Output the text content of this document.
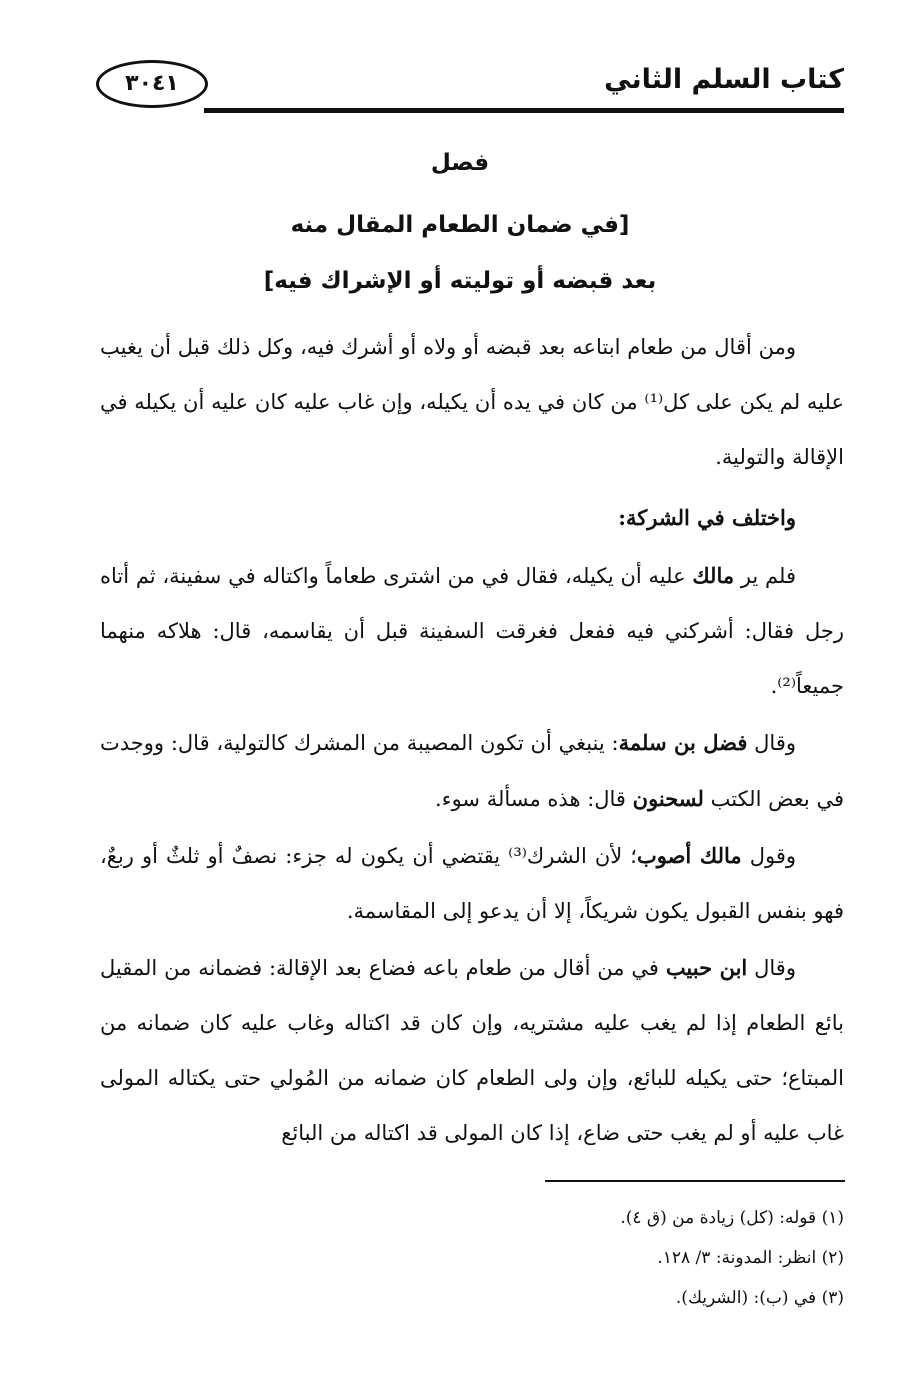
كتاب السلم الثاني
٣٠٤١
فصل
[في ضمان الطعام المقال منه
بعد قبضه أو توليته أو الإشراك فيه]

ومن أقال من طعام ابتاعه بعد قبضه أو ولاه أو أشرك فيه، وكل ذلك قبل أن يغيب عليه لم يكن على كل⁽¹⁾ من كان في يده أن يكيله، وإن غاب عليه كان عليه أن يكيله في الإقالة والتولية.

واختلف في الشركة:

فلم ير مالك عليه أن يكيله، فقال في من اشترى طعاماً واكتاله في سفينة، ثم أتاه رجل فقال: أشركني فيه ففعل فغرقت السفينة قبل أن يقاسمه، قال: هلاكه منهما جميعاً⁽²⁾.

وقال فضل بن سلمة: ينبغي أن تكون المصيبة من المشرك كالتولية، قال: ووجدت في بعض الكتب لسحنون قال: هذه مسألة سوء.

وقول مالك أصوب؛ لأن الشرك⁽³⁾ يقتضي أن يكون له جزء: نصفٌ أو ثلثٌ أو ربعٌ، فهو بنفس القبول يكون شريكاً، إلا أن يدعو إلى المقاسمة.

وقال ابن حبيب في من أقال من طعام باعه فضاع بعد الإقالة: فضمانه من المقيل بائع الطعام إذا لم يغب عليه مشتريه، وإن كان قد اكتاله وغاب عليه كان ضمانه من المبتاع؛ حتى يكيله للبائع، وإن ولى الطعام كان ضمانه من المُولي حتى يكتاله المولى غاب عليه أو لم يغب حتى ضاع، إذا كان المولى قد اكتاله من البائع

(١) قوله: (كل) زيادة من (ق ٤).
(٢) انظر: المدونة: ٣/ ١٢٨.
(٣) في (ب): (الشريك).
